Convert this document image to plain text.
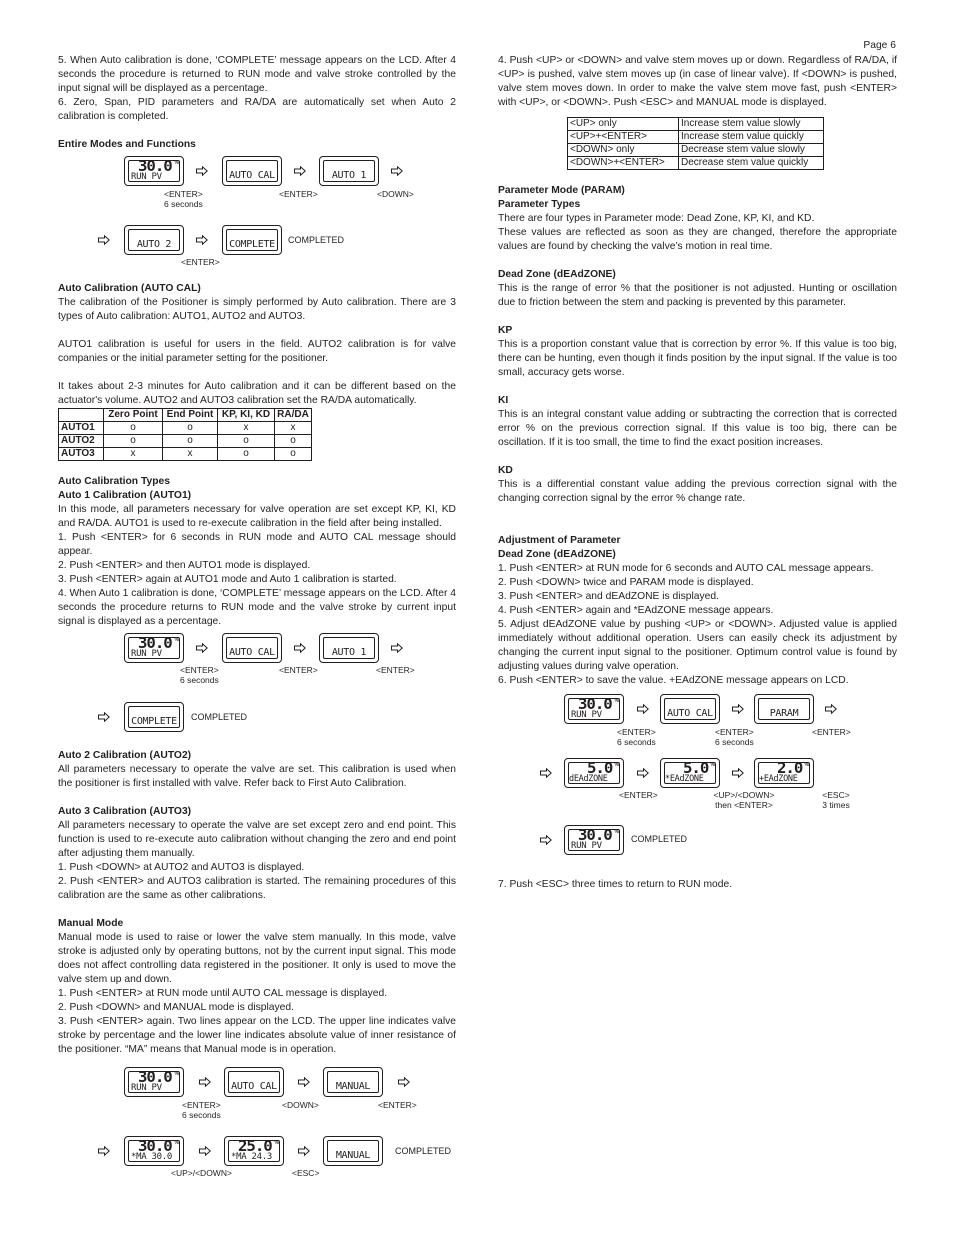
Page 6

5. When Auto calibration is done, ‘COMPLETE’ message appears on the LCD. After 4 seconds the procedure is returned to RUN mode and valve stroke controlled by the input signal will be displayed as a percentage.

6. Zero, Span, PID parameters and RA/DA are automatically set when Auto 2 calibration is completed.

Entire Modes and Functions
30.0 %
RUN PV	AUTO CAL	AUTO 1
<ENTER>
6 seconds
<ENTER>	<DOWN>
AUTO 2	COMPLETE	COMPLETED
<ENTER>
Auto Calibration (AUTO CAL)

The calibration of the Positioner is simply performed by Auto calibration. There are 3 types of Auto calibration: AUTO1, AUTO2 and AUTO3.

AUTO1 calibration is useful for users in the field. AUTO2 calibration is for valve companies or the initial parameter setting for the positioner.

It takes about 2-3 minutes for Auto calibration and it can be different based on the actuator's volume. AUTO2 and AUTO3 calibration set the RA/DA automatically.

	Zero Point	End Point	KP, KI, KD	RA/DA
AUTO1	o	o	x	x
AUTO2	o	o	o	o
AUTO3	x	x	o	o
Auto Calibration Types
Auto 1 Calibration (AUTO1)

In this mode, all parameters necessary for valve operation are set except KP, KI, KD and RA/DA. AUTO1 is used to re-execute calibration in the field after being installed.

1. Push <ENTER> for 6 seconds in RUN mode and AUTO CAL message should appear.

2. Push <ENTER> and then AUTO1 mode is displayed.

3. Push <ENTER> again at AUTO1 mode and Auto 1 calibration is started.

4. When Auto 1 calibration is done, ‘COMPLETE’ message appears on the LCD. After 4 seconds the procedure returns to RUN mode and the valve stroke by current input signal is displayed as a percentage.

30.0 %
RUN PV	AUTO CAL	AUTO 1
<ENTER>
6 seconds
<ENTER>	<ENTER>
COMPLETE	COMPLETED
Auto 2 Calibration (AUTO2)

All parameters necessary to operate the valve are set. This calibration is used when the positioner is first installed with valve. Refer back to First Auto Calibration.

Auto 3 Calibration (AUTO3)

All parameters necessary to operate the valve are set except zero and end point. This function is used to re-execute auto calibration without changing the zero and end point after adjusting them manually.

1. Push <DOWN> at AUTO2 and AUTO3 is displayed.

2. Push <ENTER> and AUTO3 calibration is started. The remaining procedures of this calibration are the same as other calibrations.

Manual Mode

Manual mode is used to raise or lower the valve stem manually. In this mode, valve stroke is adjusted only by operating buttons, not by the current input signal. This mode does not affect controlling data registered in the positioner. It only is used to move the valve stem up and down.

1. Push <ENTER> at RUN mode until AUTO CAL message is displayed.

2. Push <DOWN> and MANUAL mode is displayed.

3. Push <ENTER> again. Two lines appear on the LCD. The upper line indicates valve stroke by percentage and the lower line indicates absolute value of inner resistance of the positioner. “MA” means that Manual mode is in operation.

30.0 %
RUN PV	AUTO CAL	MANUAL
<ENTER>
6 seconds
<DOWN>	<ENTER>
30.0 %
*MA 30.0
25.0 %
*MA 24.3	MANUAL	COMPLETED
<UP>/<DOWN>	<ESC>

4. Push <UP> or <DOWN> and valve stem moves up or down. Regardless of RA/DA, if <UP> is pushed, valve stem moves up (in case of linear valve). If <DOWN> is pushed, valve stem moves down. In order to make the valve stem move fast, push <ENTER> with <UP>, or <DOWN>. Push <ESC> and MANUAL mode is displayed.

<UP> only	Increase stem value slowly
<UP>+<ENTER>	Increase stem value quickly
<DOWN> only	Decrease stem value slowly
<DOWN>+<ENTER>	Decrease stem value quickly
Parameter Mode (PARAM)
Parameter Types

There are four types in Parameter mode: Dead Zone, KP, KI, and KD.

These values are reflected as soon as they are changed, therefore the appropriate values are found by checking the valve’s motion in real time.

Dead Zone (dEAdZONE)

This is the range of error % that the positioner is not adjusted. Hunting or oscillation due to friction between the stem and packing is prevented by this parameter.

KP

This is a proportion constant value that is correction by error %. If this value is too big, there can be hunting, even though it finds position by the input signal. If the value is too small, accuracy gets worse.

KI

This is an integral constant value adding or subtracting the correction that is corrected error % on the previous correction signal. If this value is too big, there can be oscillation. If it is too small, the time to find the exact position increases.

KD

This is a differential constant value adding the previous correction signal with the changing correction signal by the error % change rate.

Adjustment of Parameter
Dead Zone (dEAdZONE)

1. Push <ENTER> at RUN mode for 6 seconds and AUTO CAL message appears.

2. Push <DOWN> twice and PARAM mode is displayed.

3. Push <ENTER> and dEAdZONE is displayed.

4. Push <ENTER> again and *EAdZONE message appears.

5. Adjust dEAdZONE value by pushing <UP> or <DOWN>. Adjusted value is applied immediately without additional operation. Users can easily check its adjustment by changing the current input signal to the positioner. Optimum control value is found by adjusting values during valve operation.

6. Push <ENTER> to save the value. +EAdZONE message appears on LCD.

30.0 %
RUN PV	AUTO CAL	PARAM
<ENTER>
6 seconds
<ENTER>
6 seconds
<ENTER>
5.0 %
dEAdZONE
5.0 %
*EAdZONE
2.0 %
+EAdZONE
<ENTER>	<UP>/<DOWN>
then <ENTER>
<ESC>
3 times
30.0 %
RUN PV
COMPLETED

7. Push <ESC> three times to return to RUN mode.
